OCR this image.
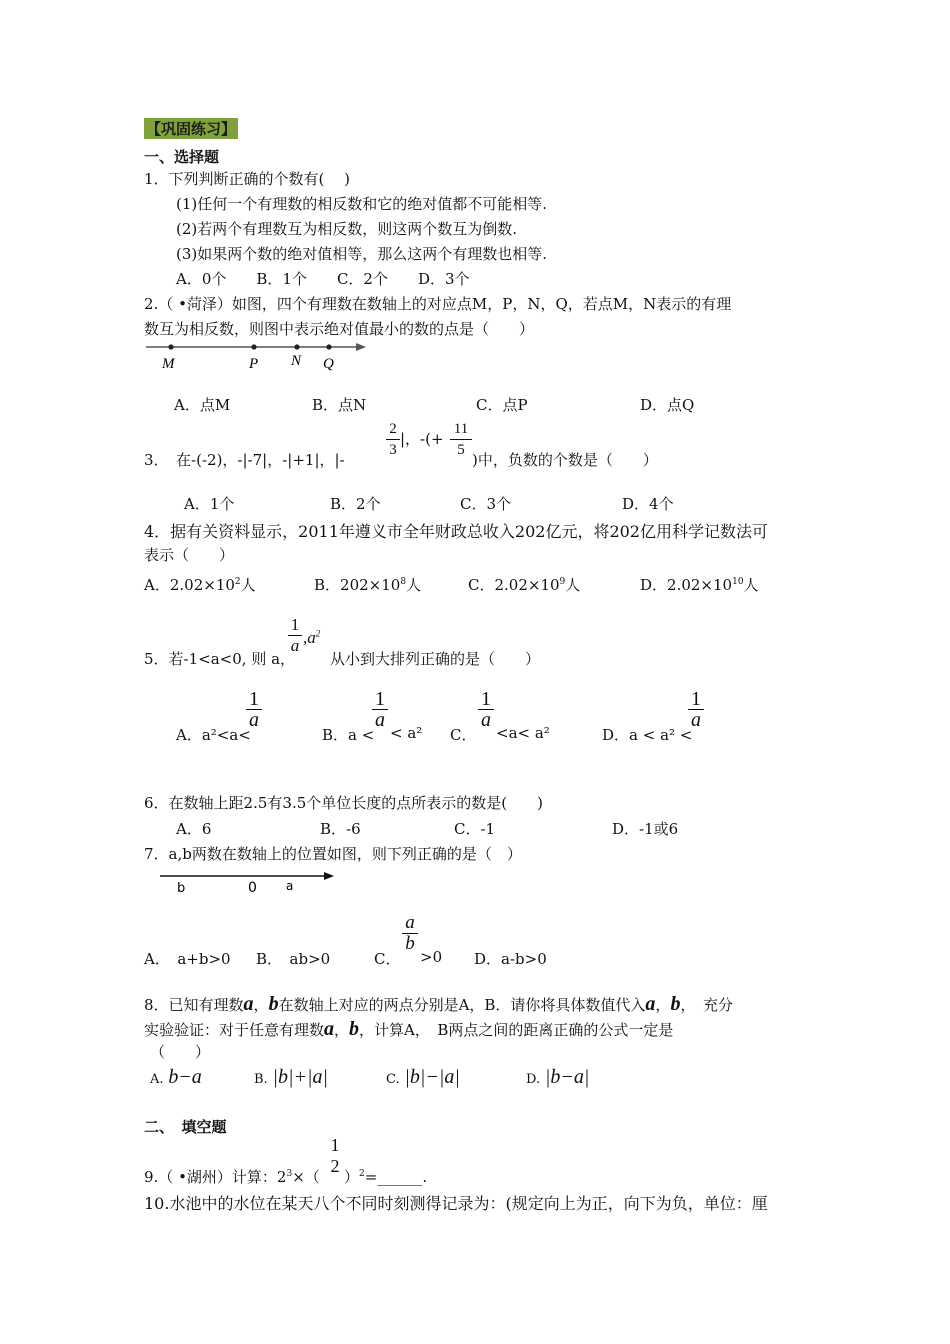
【巩固练习】
一、选择题
1．下列判断正确的个数有(　 )
(1)任何一个有理数的相反数和它的绝对值都不可能相等.
(2)若两个有理数互为相反数，则这两个数互为倒数.
(3)如果两个数的绝对值相等，那么这两个有理数也相等.
A．0个　　B．1个　　C．2个　　D．3个
2.（ •菏泽）如图，四个有理数在数轴上的对应点M，P，N，Q，若点M，N表示的有理
数互为相反数，则图中表示绝对值最小的数的点是（　　）
M	P N Q
A．点M	B．点N	C．点P	D．点Q
3．　在-(-2)，-|-7|，-|+1|，|-
2
3
|，-(+
11
5
)中，负数的个数是（　　）
A．1个	B．2个	C．3个	D．4个
4．据有关资料显示，2011年遵义市全年财政总收入202亿元，将202亿用科学记数法可
表示（　　）
A．$2.02\times 10^2$人	B．$202\times 10^8$人	C．$2.02\times 10^9$人	D．$2.02\times 10^{10}$人
5．若-1<a<0, 则 a，
1
a $,a^2$
从小到大排列正确的是（　　）
A．a²<a<
1
a
B．a <
1
a
< a² C．
1
a
<a< a²	D．a < a² <
1
a
6．在数轴上距2.5有3.5个单位长度的点所表示的数是(　　)
A．6	B．-6	C．-1	D．-1或6
7．a,b两数在数轴上的位置如图，则下列正确的是（　）
b	0 a
A．　a+b>0 B．　ab>0	C．
a
b
>0 D．a-b>0
8．已知有理数a，b在数轴上对应的两点分别是A，B．请你将具体数值代入a，b，　充分
实验验证：对于任意有理数a，b，计算A，　B两点之间的距离正确的公式一定是
（　　）
A. b−a	B. |b|+|a|	C. |b|−|a|	D. |b−a|
二、　填空题
9.（ •湖州）计算：$2^3\times$（
1
2
）$^2$=______.
10.水池中的水位在某天八个不同时刻测得记录为：(规定向上为正，向下为负，单位：厘
